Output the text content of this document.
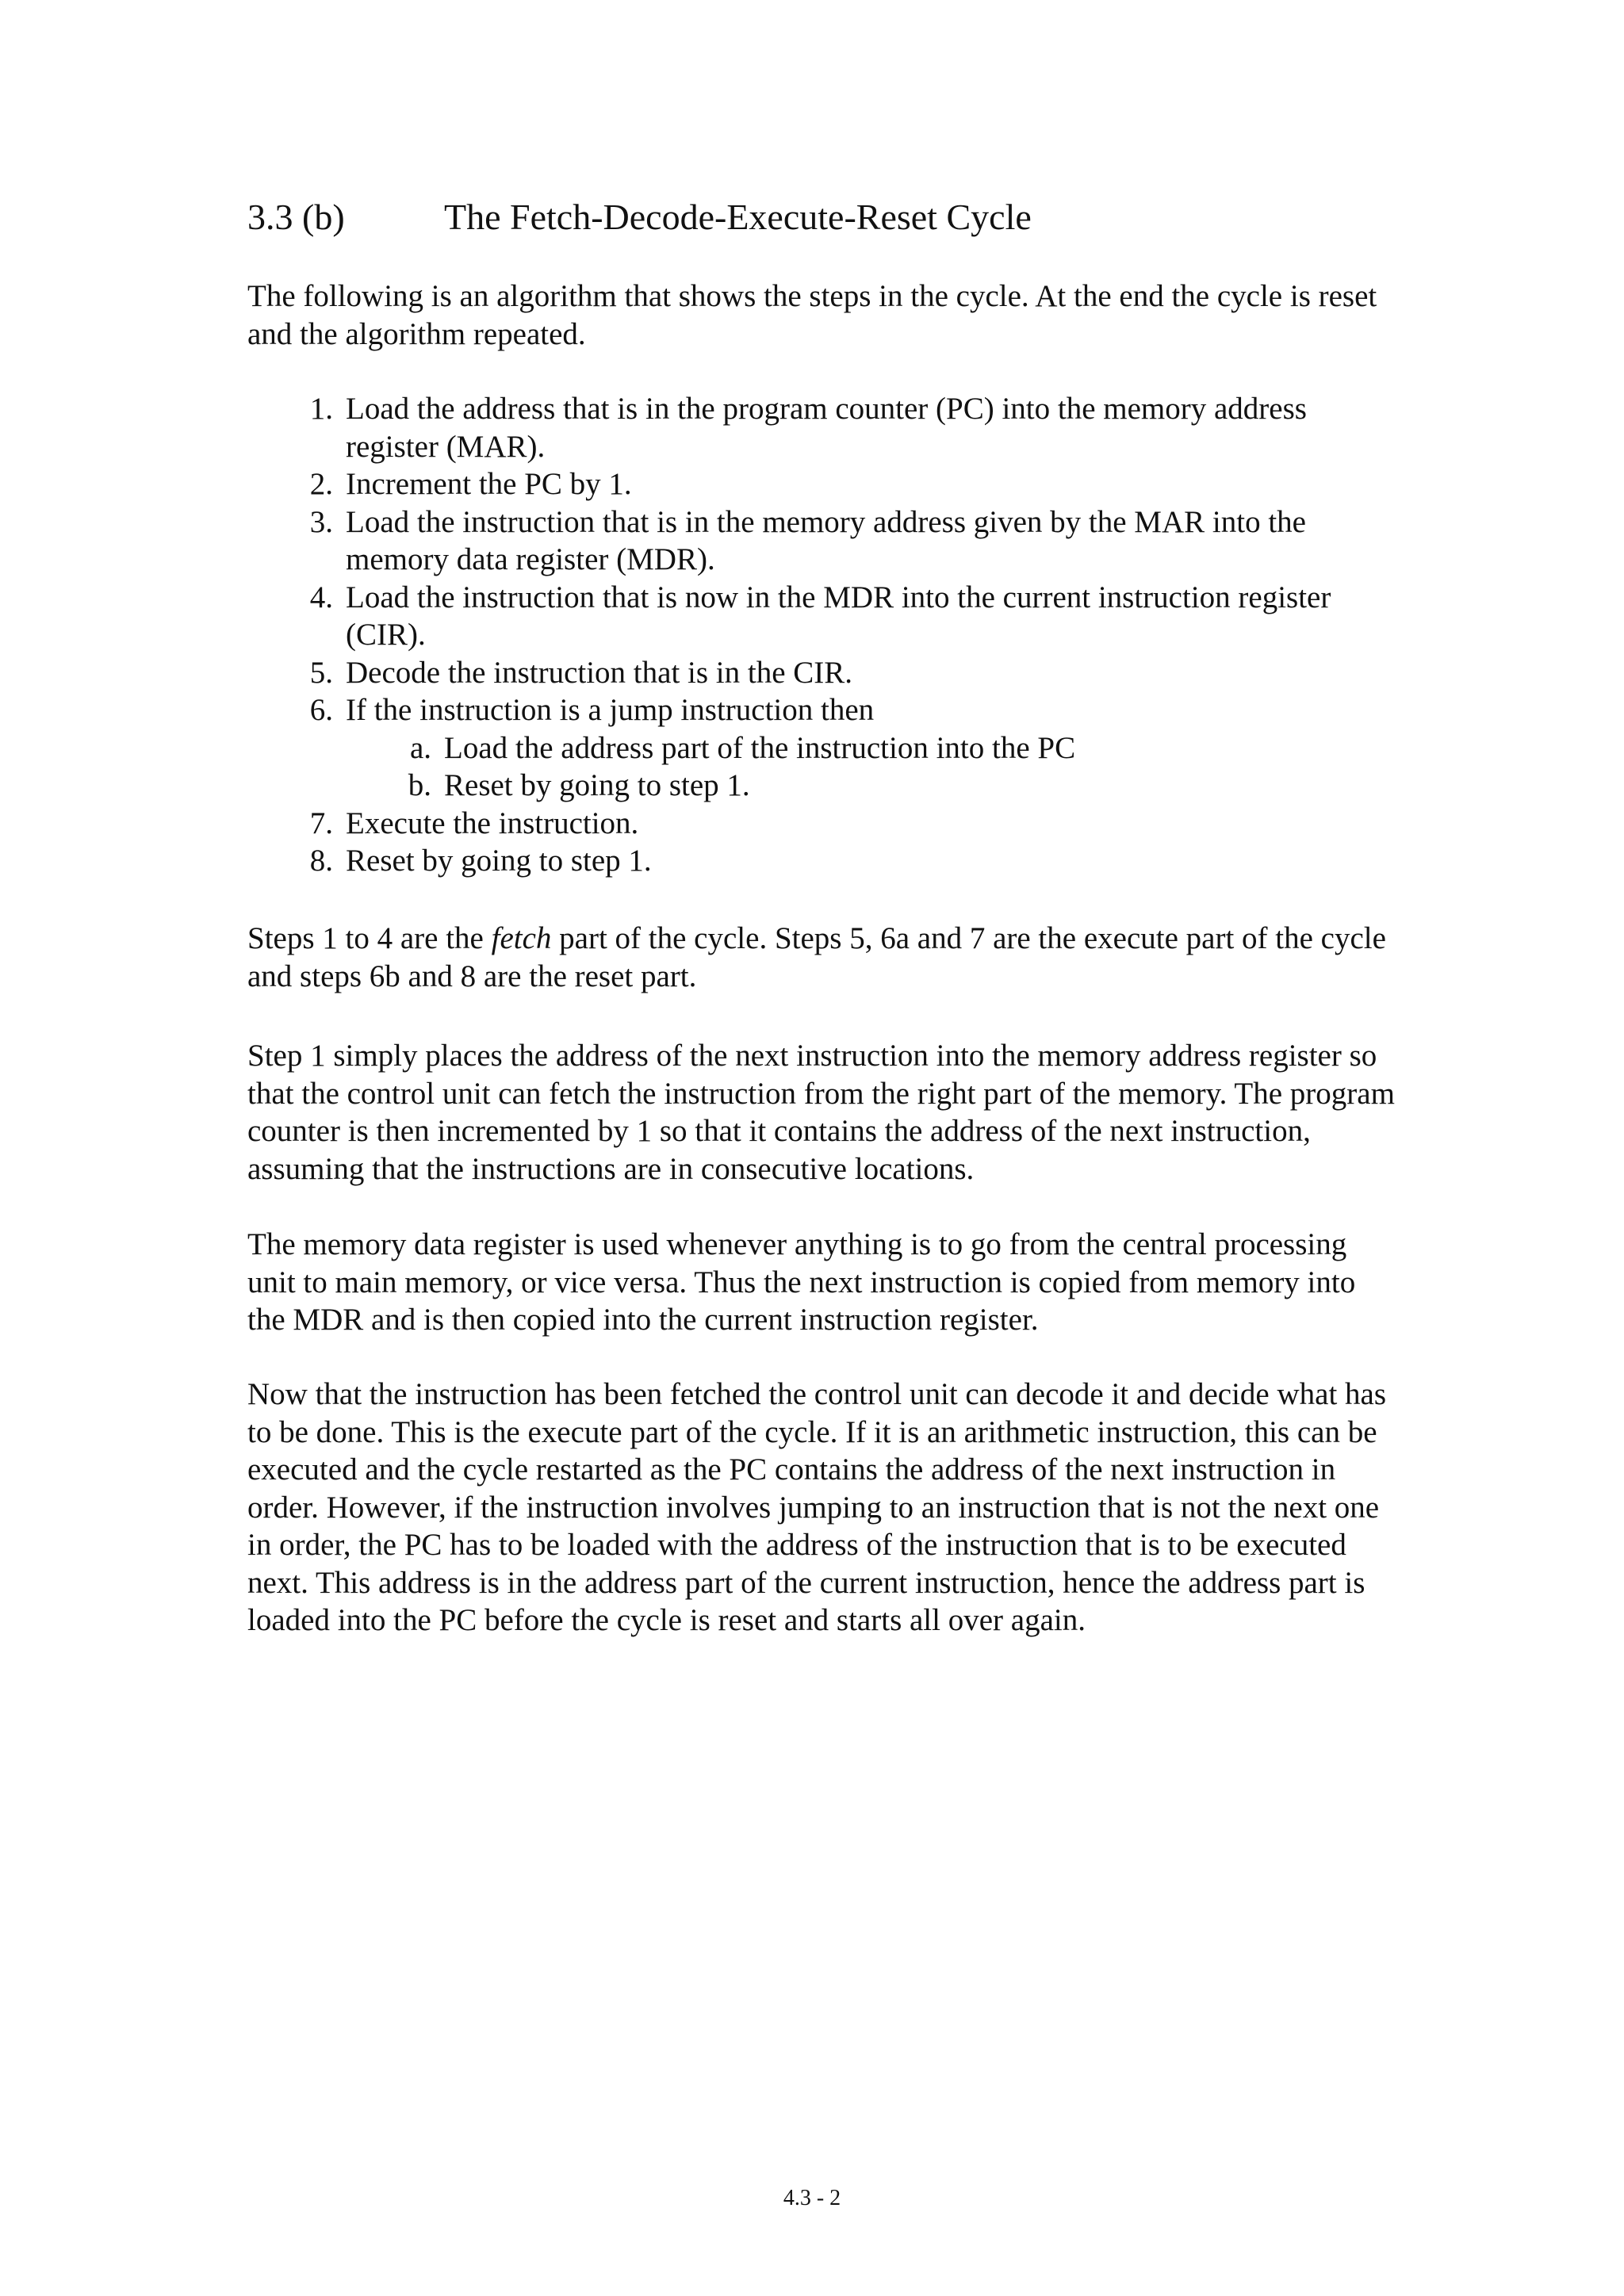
3.3 (b)	The Fetch-Decode-Execute-Reset Cycle

The following is an algorithm that shows the steps in the cycle. At the end the cycle is reset and the algorithm repeated.

1. Load the address that is in the program counter (PC) into the memory address register (MAR).
2. Increment the PC by 1.
3. Load the instruction that is in the memory address given by the MAR into the memory data register (MDR).
4. Load the instruction that is now in the MDR into the current instruction register (CIR).
5. Decode the instruction that is in the CIR.
6. If the instruction is a jump instruction then
a. Load the address part of the instruction into the PC
b. Reset by going to step 1.
7. Execute the instruction.
8. Reset by going to step 1.

Steps 1 to 4 are the fetch part of the cycle. Steps 5, 6a and 7 are the execute part of the cycle and steps 6b and 8 are the reset part.

Step 1 simply places the address of the next instruction into the memory address register so that the control unit can fetch the instruction from the right part of the memory. The program counter is then incremented by 1 so that it contains the address of the next instruction, assuming that the instructions are in consecutive locations.

The memory data register is used whenever anything is to go from the central processing unit to main memory, or vice versa. Thus the next instruction is copied from memory into the MDR and is then copied into the current instruction register.

Now that the instruction has been fetched the control unit can decode it and decide what has to be done. This is the execute part of the cycle. If it is an arithmetic instruction, this can be executed and the cycle restarted as the PC contains the address of the next instruction in order. However, if the instruction involves jumping to an instruction that is not the next one in order, the PC has to be loaded with the address of the instruction that is to be executed next. This address is in the address part of the current instruction, hence the address part is loaded into the PC before the cycle is reset and starts all over again.

4.3 - 2
